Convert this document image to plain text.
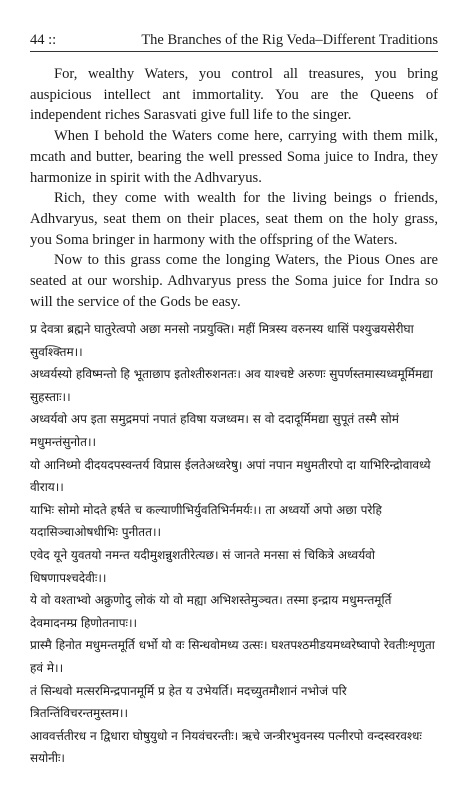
44 ::	The Branches of the Rig Veda–Different Traditions

For, wealthy Waters, you control all treasures, you bring auspicious intellect ant immortality. You are the Queens of independent riches Sarasvati give full life to the singer.

When I behold the Waters come here, carrying with them milk, mcath and butter, bearing the well pressed Soma juice to Indra, they harmonize in spirit with the Adhvaryus.

Rich, they come with wealth for the living beings o friends, Adhvaryus, seat them on their places, seat them on the holy grass, you Soma bringer in harmony with the offspring of the Waters.

Now to this grass come the longing Waters, the Pious Ones are seated at our worship. Adhvaryus press the Soma juice for Indra so will the service of the Gods be easy.

प्र देवत्रा ब्रह्मने घातुरेत्वपो अछा मनसो नप्रयुक्ति। महीं मित्रस्य वरुनस्य धासिं पश्युज्रयसेरीघा सुवश्क्तिम।।

अध्वर्यस्यो हविष्मन्तो हि भूताछाप इतोश्तीरुशनतः। अव याश्चष्टे अरुणः सुपर्णस्तमास्यध्वमूर्मिमद्या सुहस्ताः।।

अध्वर्यवो अप इता समुद्रमपां नपातं हविषा यजध्वम। स वो ददादूर्मिमद्या सुपूतं तस्मै सोमं मधुमन्तंसुनोत।।

यो आनिध्मो दीदयदपस्वन्तर्य विप्रास ईलतेअध्वरेषु। अपां नपान मधुमतीरपो दा याभिरिन्द्रोवावध्ये वीराय।।

याभिः सोमो मोदते हर्षते च कल्याणीभिर्युवतिभिर्नमर्यः।। ता अध्वर्यो अपो अछा परेहि यदासिञ्चाओषधीभिः पुनीतत।।

एवेद यूने युवतयो नमन्त यदीमुशन्नुशतीरेत्यछ। सं जानते मनसा सं चिकित्रे अध्वर्यवो धिषणापश्चदेवीः।।

ये वो वश्ताभ्वो अक्रुणोदु लोकं यो वो मह्या अभिशस्तेमुञ्चत। तस्मा इन्द्राय मधुमन्तमूर्ति देवमादनम्प्र हिणोतनापः।।

प्रास्मै हिनोत मधुमन्तमूर्ति धर्भो यो वः सिन्धवोमध्य उत्सः। घश्तपश्ठमीडयमध्वरेष्वापो रेवतीःशृणुता हवं मे।।

तं सिन्धवो मत्सरमिन्द्रपानमूर्मि प्र हेत य उभेयर्ति। मदच्युतमौशानं नभोजं परि त्रितन्तिंविचरन्तमुस्तम।।

आववर्त्ततीरध न द्विधारा घोषुयुधो न नियवंचरन्तीः। ऋचे जन्त्रीरभुवनस्य पत्नीरपो वन्दस्वरवश्धः सयोनीः।
